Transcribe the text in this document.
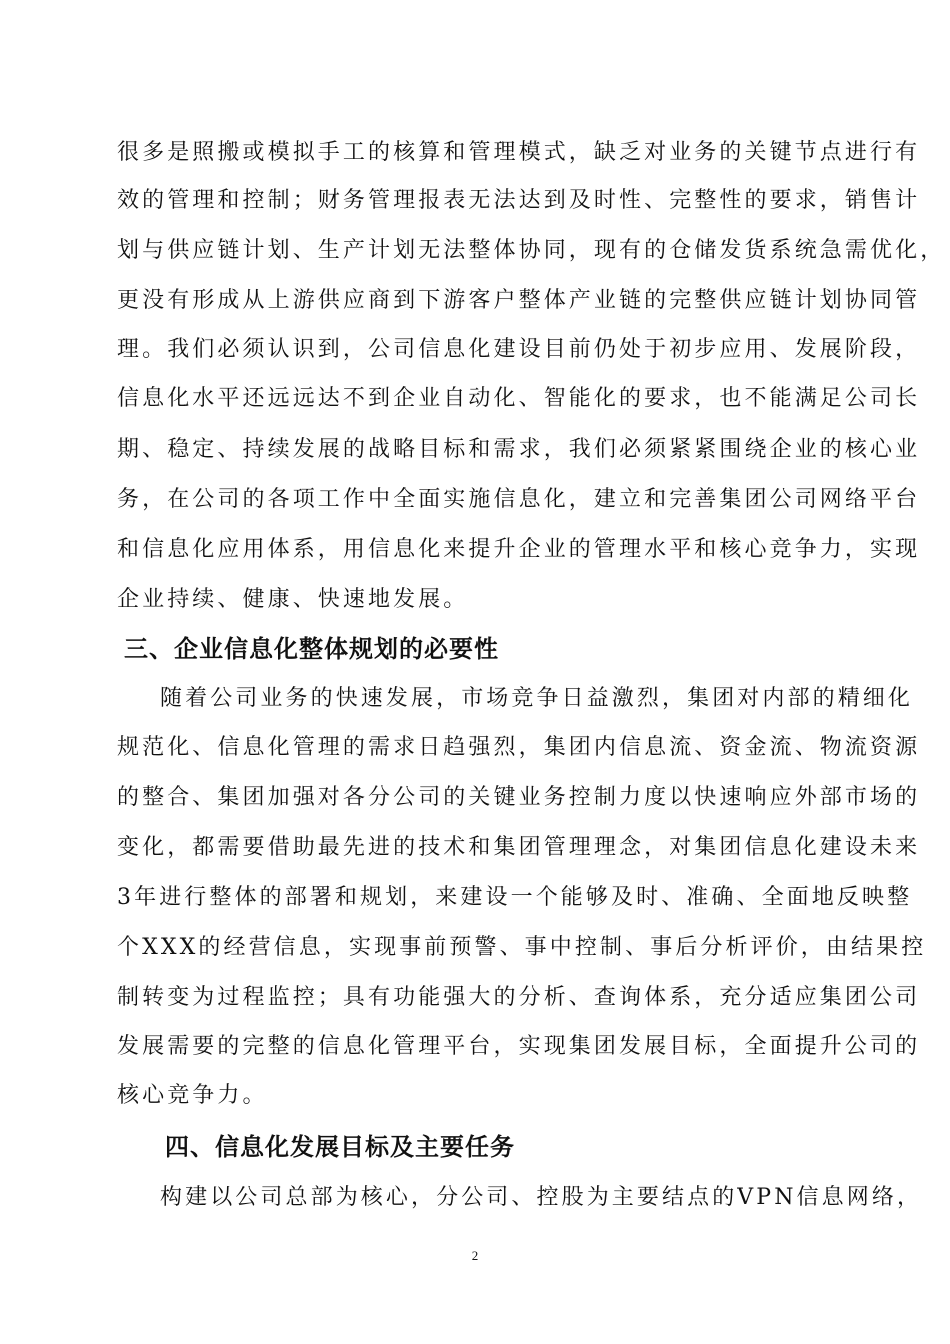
很多是照搬或模拟手工的核算和管理模式，缺乏对业务的关键节点进行有
效的管理和控制；财务管理报表无法达到及时性、完整性的要求，销售计
划与供应链计划、生产计划无法整体协同，现有的仓储发货系统急需优化，
更没有形成从上游供应商到下游客户整体产业链的完整供应链计划协同管
理。我们必须认识到，公司信息化建设目前仍处于初步应用、发展阶段，
信息化水平还远远达不到企业自动化、智能化的要求，也不能满足公司长
期、稳定、持续发展的战略目标和需求，我们必须紧紧围绕企业的核心业
务，在公司的各项工作中全面实施信息化，建立和完善集团公司网络平台
和信息化应用体系，用信息化来提升企业的管理水平和核心竞争力，实现
企业持续、健康、快速地发展。
三、企业信息化整体规划的必要性
随着公司业务的快速发展，市场竞争日益激烈，集团对内部的精细化
规范化、信息化管理的需求日趋强烈，集团内信息流、资金流、物流资源
的整合、集团加强对各分公司的关键业务控制力度以快速响应外部市场的
变化，都需要借助最先进的技术和集团管理理念，对集团信息化建设未来
3年进行整体的部署和规划，来建设一个能够及时、准确、全面地反映整
个XXX的经营信息，实现事前预警、事中控制、事后分析评价，由结果控
制转变为过程监控；具有功能强大的分析、查询体系，充分适应集团公司
发展需要的完整的信息化管理平台，实现集团发展目标，全面提升公司的
核心竞争力。
四、信息化发展目标及主要任务
构建以公司总部为核心，分公司、控股为主要结点的VPN信息网络，
2
